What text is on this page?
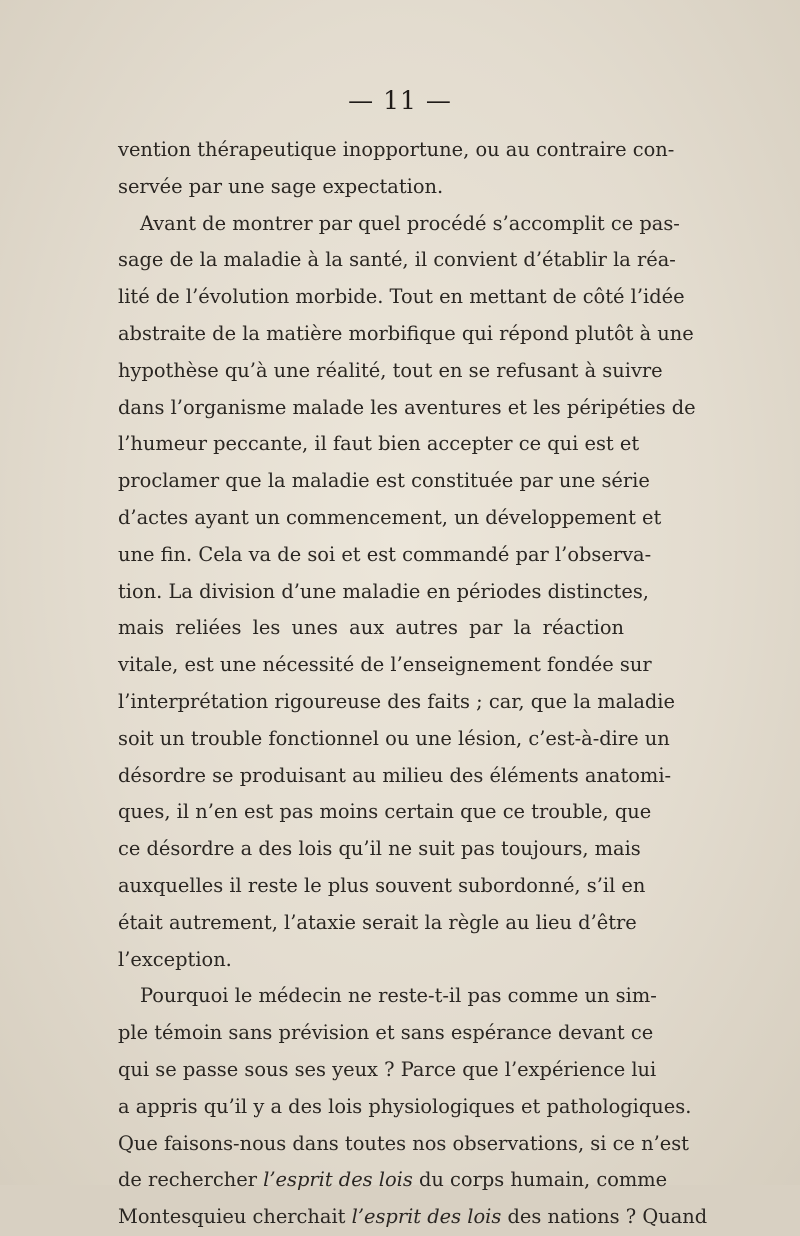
— 11 —
vention thérapeutique inopportune, ou au contraire con-
servée par une sage expectation.
Avant de montrer par quel procédé s’accomplit ce pas-
sage de la maladie à la santé, il convient d’établir la réa-
lité de l’évolution morbide. Tout en mettant de côté l’idée
abstraite de la matière morbifique qui répond plutôt à une
hypothèse qu’à une réalité, tout en se refusant à suivre
dans l’organisme malade les aventures et les péripéties de
l’humeur peccante, il faut bien accepter ce qui est et
proclamer que la maladie est constituée par une série
d’actes ayant un commencement, un développement et
une fin. Cela va de soi et est commandé par l’observa-
tion. La division d’une maladie en périodes distinctes,
mais reliées les unes aux autres par la réaction
vitale, est une nécessité de l’enseignement fondée sur
l’interprétation rigoureuse des faits ; car, que la maladie
soit un trouble fonctionnel ou une lésion, c’est-à-dire un
désordre se produisant au milieu des éléments anatomi-
ques, il n’en est pas moins certain que ce trouble, que
ce désordre a des lois qu’il ne suit pas toujours, mais
auxquelles il reste le plus souvent subordonné, s’il en
était autrement, l’ataxie serait la règle au lieu d’être
l’exception.
Pourquoi le médecin ne reste-t-il pas comme un sim-
ple témoin sans prévision et sans espérance devant ce
qui se passe sous ses yeux ? Parce que l’expérience lui
a appris qu’il y a des lois physiologiques et pathologiques.
Que faisons-nous dans toutes nos observations, si ce n’est
de rechercher l’esprit des lois du corps humain, comme
Montesquieu cherchait l’esprit des lois des nations ? Quand
